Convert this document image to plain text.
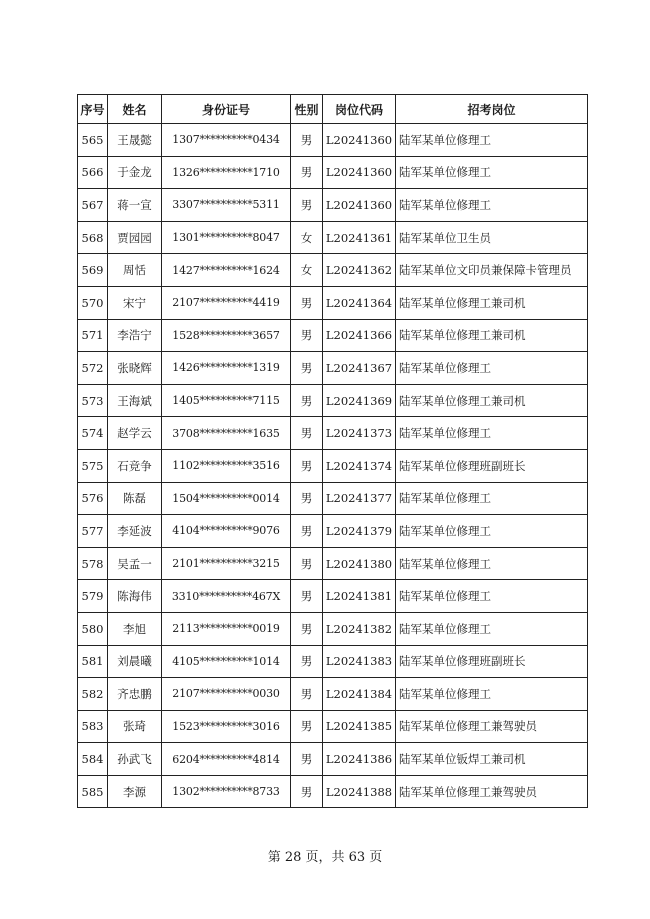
序号	姓名	身份证号	性别	岗位代码	招考岗位
565	王晟懿	1307**********0434	男	L20241360	陆军某单位修理工
566	于金龙	1326**********1710	男	L20241360	陆军某单位修理工
567	蒋一宣	3307**********5311	男	L20241360	陆军某单位修理工
568	贾园园	1301**********8047	女	L20241361	陆军某单位卫生员
569	周恬	1427**********1624	女	L20241362	陆军某单位文印员兼保障卡管理员
570	宋宁	2107**********4419	男	L20241364	陆军某单位修理工兼司机
571	李浩宁	1528**********3657	男	L20241366	陆军某单位修理工兼司机
572	张晓辉	1426**********1319	男	L20241367	陆军某单位修理工
573	王海斌	1405**********7115	男	L20241369	陆军某单位修理工兼司机
574	赵学云	3708**********1635	男	L20241373	陆军某单位修理工
575	石竞争	1102**********3516	男	L20241374	陆军某单位修理班副班长
576	陈磊	1504**********0014	男	L20241377	陆军某单位修理工
577	李延波	4104**********9076	男	L20241379	陆军某单位修理工
578	吴孟一	2101**********3215	男	L20241380	陆军某单位修理工
579	陈海伟	3310**********467X	男	L20241381	陆军某单位修理工
580	李旭	2113**********0019	男	L20241382	陆军某单位修理工
581	刘晨曦	4105**********1014	男	L20241383	陆军某单位修理班副班长
582	齐忠鹏	2107**********0030	男	L20241384	陆军某单位修理工
583	张琦	1523**********3016	男	L20241385	陆军某单位修理工兼驾驶员
584	孙武飞	6204**********4814	男	L20241386	陆军某单位钣焊工兼司机
585	李源	1302**********8733	男	L20241388	陆军某单位修理工兼驾驶员
第 28 页，共 63 页
